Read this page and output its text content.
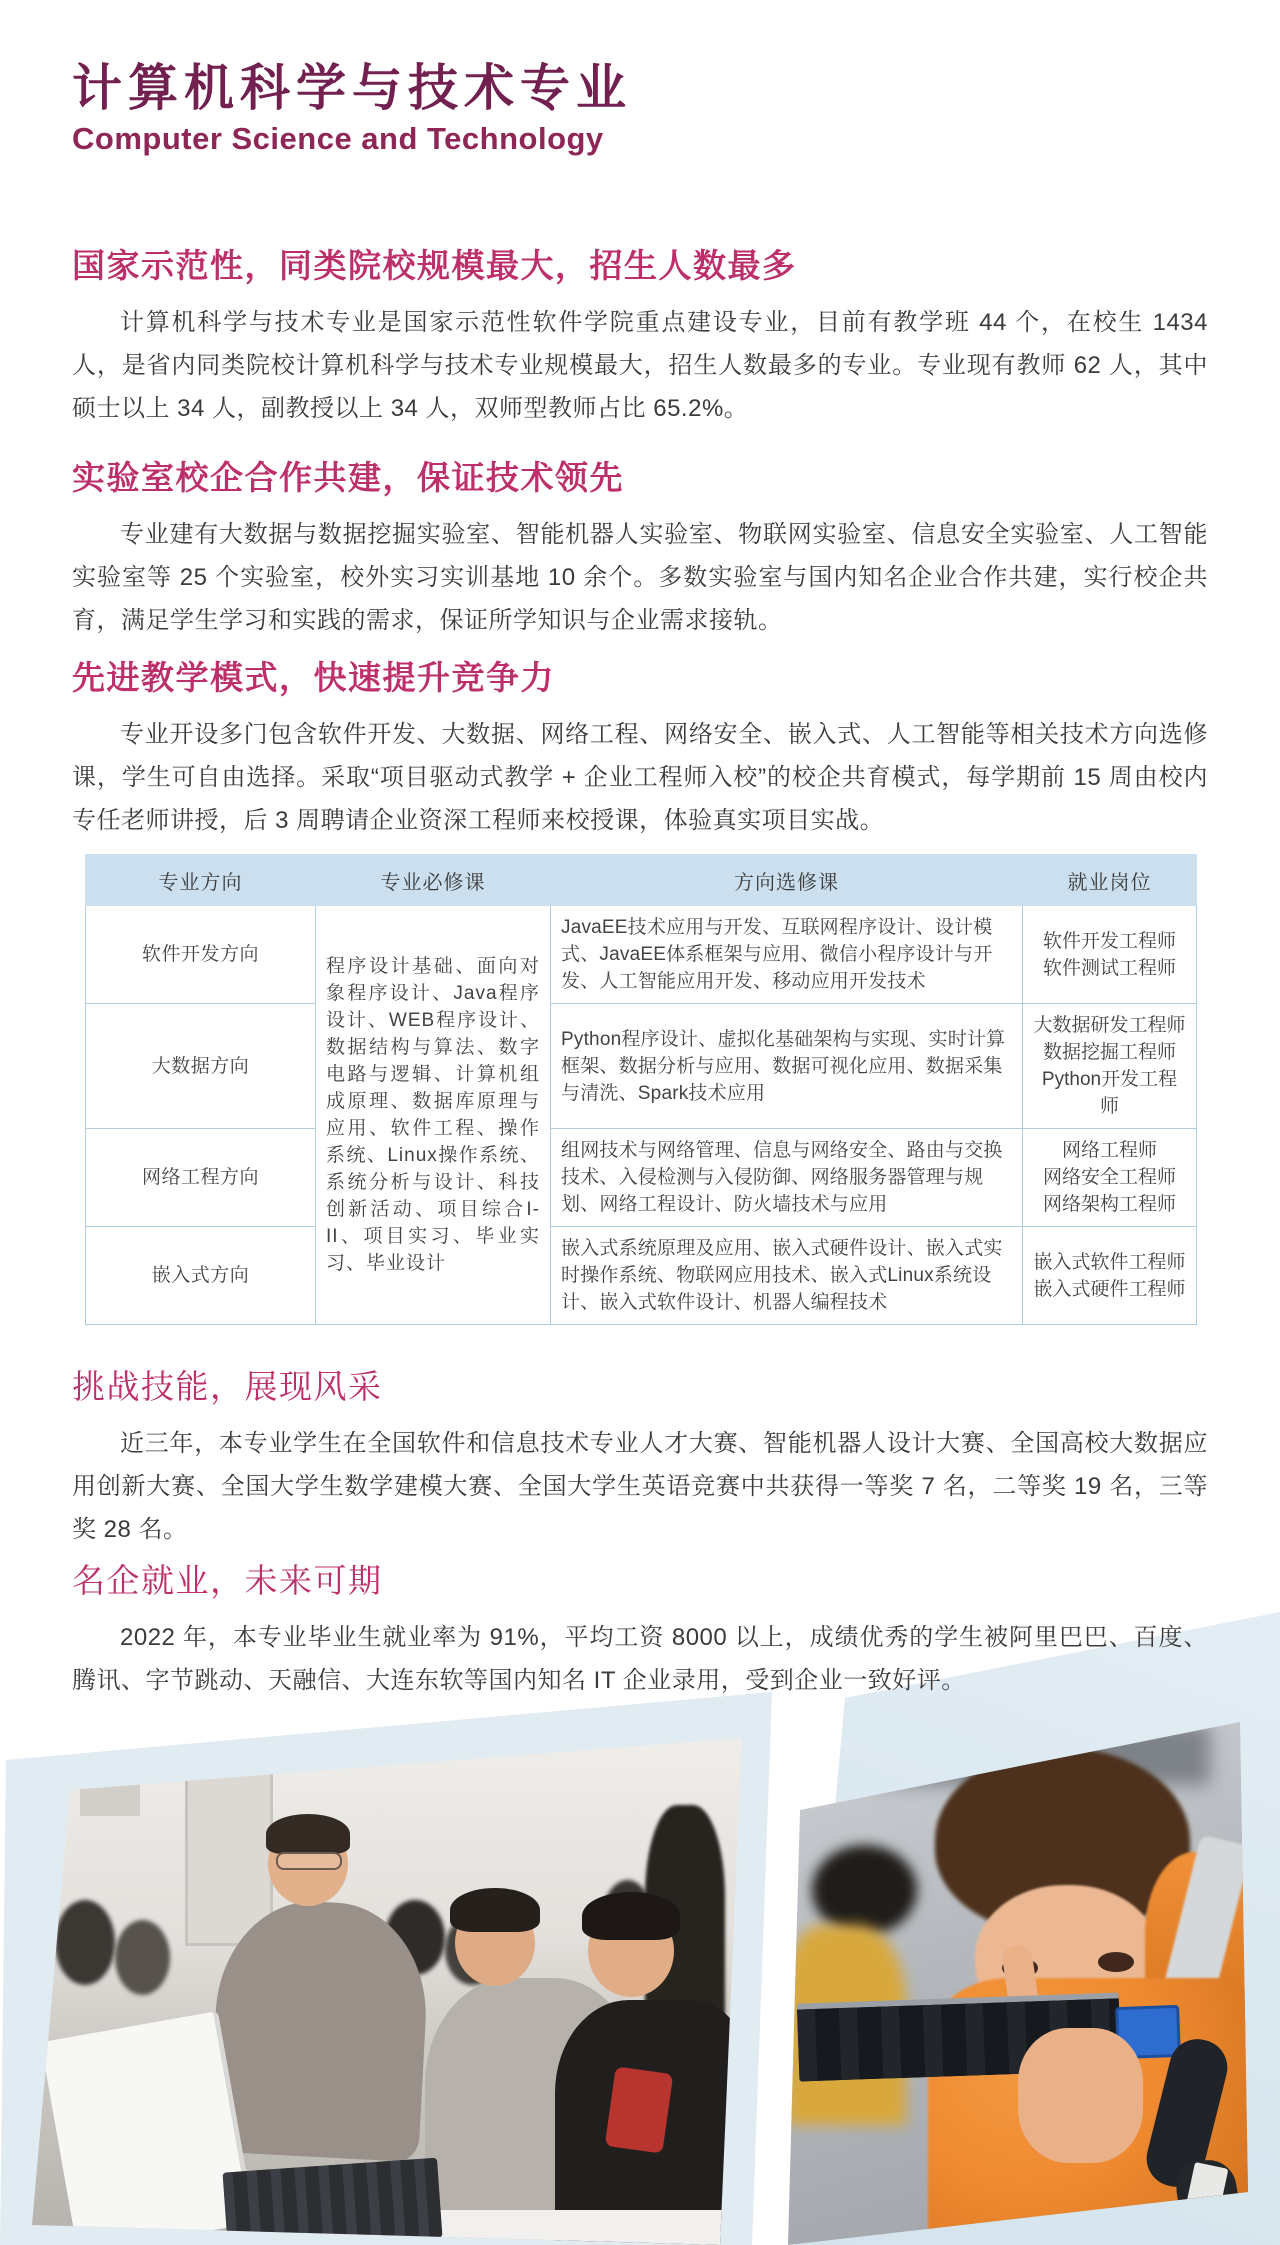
计算机科学与技术专业
Computer Science and Technology
国家示范性，同类院校规模最大，招生人数最多

计算机科学与技术专业是国家示范性软件学院重点建设专业，目前有教学班 44 个，在校生 1434 人，是省内同类院校计算机科学与技术专业规模最大，招生人数最多的专业。专业现有教师 62 人，其中硕士以上 34 人，副教授以上 34 人，双师型教师占比 65.2%。

实验室校企合作共建，保证技术领先

专业建有大数据与数据挖掘实验室、智能机器人实验室、物联网实验室、信息安全实验室、人工智能实验室等 25 个实验室，校外实习实训基地 10 余个。多数实验室与国内知名企业合作共建，实行校企共育，满足学生学习和实践的需求，保证所学知识与企业需求接轨。

先进教学模式，快速提升竞争力

专业开设多门包含软件开发、大数据、网络工程、网络安全、嵌入式、人工智能等相关技术方向选修课，学生可自由选择。采取“项目驱动式教学 + 企业工程师入校”的校企共育模式，每学期前 15 周由校内专任老师讲授，后 3 周聘请企业资深工程师来校授课，体验真实项目实战。

专业方向	专业必修课	方向选修课	就业岗位
软件开发方向	程序设计基础、面向对象程序设计、Java程序设计、WEB程序设计、数据结构与算法、数字电路与逻辑、计算机组成原理、数据库原理与应用、软件工程、操作系统、Linux操作系统、系统分析与设计、科技创新活动、项目综合I-II、项目实习、毕业实习、毕业设计	JavaEE技术应用与开发、互联网程序设计、设计模式、JavaEE体系框架与应用、微信小程序设计与开发、人工智能应用开发、移动应用开发技术	软件开发工程师
软件测试工程师

大数据方向		Python程序设计、虚拟化基础架构与实现、实时计算框架、数据分析与应用、数据可视化应用、数据采集与清洗、Spark技术应用	大数据研发工程师
数据挖掘工程师
Python开发工程师

网络工程方向		组网技术与网络管理、信息与网络安全、路由与交换技术、入侵检测与入侵防御、网络服务器管理与规划、网络工程设计、防火墙技术与应用	网络工程师
网络安全工程师
网络架构工程师

嵌入式方向		嵌入式系统原理及应用、嵌入式硬件设计、嵌入式实时操作系统、物联网应用技术、嵌入式Linux系统设计、嵌入式软件设计、机器人编程技术	嵌入式软件工程师
嵌入式硬件工程师
挑战技能，展现风采

近三年，本专业学生在全国软件和信息技术专业人才大赛、智能机器人设计大赛、全国高校大数据应用创新大赛、全国大学生数学建模大赛、全国大学生英语竞赛中共获得一等奖 7 名，二等奖 19 名，三等奖 28 名。

名企就业，未来可期

2022 年，本专业毕业生就业率为 91%，平均工资 8000 以上，成绩优秀的学生被阿里巴巴、百度、腾讯、字节跳动、天融信、大连东软等国内知名 IT 企业录用，受到企业一致好评。
